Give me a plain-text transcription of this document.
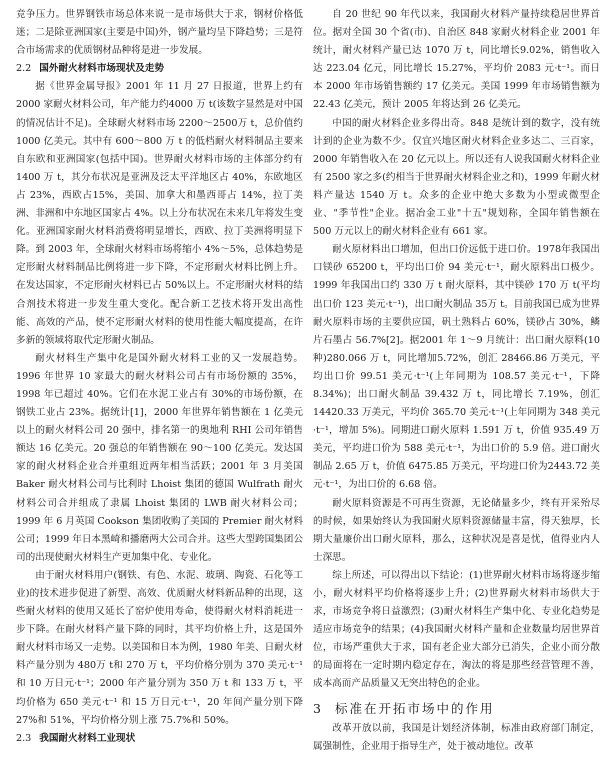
竞争压力。世界钢铁市场总体来说一是市场供大于求，钢材价格低迷；二是除亚洲国家(主要是中国)外，钢产量均呈下降趋势；三是符合市场需求的优质钢材品种将是进一步发展。

2.2 国外耐火材料市场现状及走势

据《世界金属导报》2001 年 11 月 27 日报道，世界上约有 2000 家耐火材料公司，年产能力约4000 万 t(该数字显然是对中国的情况估计不足)。全球耐火材料市场 2200～2500万 t，总价值约 1000 亿美元。其中有 600～800 万 t 的低档耐火材料制品主要来自东欧和亚洲国家(包括中国)。世界耐火材料市场的主体部分约有 1400 万 t，其分布状况是亚洲及泛太平洋地区占 40%，东欧地区占 23%，西欧占15%，美国、加拿大和墨西哥占 14%，拉丁美洲、非洲和中东地区国家占 4%。以上分布状况在未来几年将发生变化。亚洲国家耐火材料消费将明显增长，西欧、拉丁美洲将明显下降。到 2003 年，全球耐火材料市场将缩小 4%～5%，总体趋势是定形耐火材料制品比例将进一步下降，不定形耐火材料比例上升。在发达国家，不定形耐火材料已占 50%以上。不定形耐火材料的结合剂技术将进一步发生重大变化。配合新工艺技术将开发出高性能、高效的产品，使不定形耐火材料的使用性能大幅度提高，在许多新的领域将取代定形耐火制品。

耐火材料生产集中化是国外耐火材料工业的又一发展趋势。1996 年世界 10 家最大的耐火材料公司占有市场份额的 35%，1998 年已超过 40%。它们在水泥工业占有 30%的市场份额，在钢铁工业占 23%。据统计[1]，2000 年世界年销售额在 1 亿美元以上的耐火材料公司 20 强中，排名第一的奥地利 RHI 公司年销售额达 16 亿美元。20 强总的年销售额在 90～100 亿美元。发达国家的耐火材料企业合并重组近两年相当活跃；2001 年 3 月美国 Baker 耐火材料公司与比利时 Lhoist 集团的德国 Wulfrath 耐火材料公司合并组成了隶属 Lhoist 集团的 LWB 耐火材料公司；1999 年 6 月英国 Cookson 集团收购了美国的 Premier 耐火材料公司；1999 年日本黑崎和播磨两大公司合并。这些大型跨国集团公司的出现使耐火材料生产更加集中化、专业化。

由于耐火材料用户(钢铁、有色、水泥、玻璃、陶瓷、石化等工业)的技术进步促进了新型、高效、优质耐火材料新品种的出现，这些耐火材料的使用又延长了窑炉使用寿命，使得耐火材料消耗进一步下降。在耐火材料产量下降的同时，其平均价格上升，这是国外耐火材料市场又一走势。以美国和日本为例，1980 年美、日耐火材料产量分别为 480万 t和 270 万 t，平均价格分别为 370 美元·t⁻¹ 和 10 万日元·t⁻¹；2000 年产量分别为 350 万 t 和 133 万 t，平均价格为 650 美元·t⁻¹ 和 15 万日元·t⁻¹，20 年间产量分别下降 27%和 51%，平均价格分别上涨 75.7%和 50%。

2.3 我国耐火材料工业现状

自 20 世纪 90 年代以来，我国耐火材料产量持续稳居世界首位。据对全国 30 个省(市)、自治区 848 家耐火材料企业 2001 年统计，耐火材料产量已达 1070 万 t，同比增长9.02%，销售收入达 223.04 亿元，同比增长 15.27%，平均价 2083 元·t⁻¹。而日本 2000 年市场销售额约 17 亿美元。美国 1999 年市场销售额为 22.43 亿美元，预计 2005 年将达到 26 亿美元。

中国的耐火材料企业多得出奇。848 是统计到的数字，没有统计到的企业为数不少。仅宜兴地区耐火材料企业多达二、三百家，2000 年销售收入在 20 亿元以上。所以还有人说我国耐火材料企业有 2500 家之多(约相当于世界耐火材料企业之和)，1999 年耐火材料产量达 1540 万 t。众多的企业中绝大多数为小型或微型企业、"季节性"企业。据冶金工业"十五"规划称，全国年销售额在 500 万元以上的耐火材料企业有 661 家。

耐火原材料出口增加，但出口价远低于进口价。1978年我国出口镁砂 65200 t，平均出口价 94 美元·t⁻¹，耐火原料出口极少。1999 年我国出口约 330 万 t 耐火原料，其中镁砂 170 万 t(平均出口价 123 美元·t⁻¹)，出口耐火制品 35万 t。目前我国已成为世界耐火原料市场的主要供应国，矾土熟料占 60%，镁砂占 30%，鳞片石墨占 56.7%[2]。据2001 年 1～9 月统计：出口耐火原料(10 种)280.066 万 t，同比增加5.72%，创汇 28466.86 万美元，平均出口价 99.51 美元·t⁻¹(上年同期为 108.57 美元·t⁻¹，下降 8.34%)；出口耐火制品 39.432 万 t，同比增长 7.19%，创汇14420.33 万美元，平均价 365.70 美元·t⁻¹(上年同期为 348 美元·t⁻¹，增加 5%)。同期进口耐火原料 1.591 万 t，价值 935.49 万美元，平均进口价为 588 美元·t⁻¹，为出口价的 5.9 倍。进口耐火制品 2.65 万 t，价值 6475.85 万美元，平均进口价为2443.72 美元·t⁻¹，为出口价的 6.68 倍。

耐火原料资源是不可再生资源，无论储量多少，终有开采殆尽的时候，如果始终认为我国耐火原料资源储量丰富，得天独厚，长期大量廉价出口耐火原料，那么，这种状况是喜是忧，值得业内人士深思。

综上所述，可以得出以下结论：(1)世界耐火材料市场将逐步缩小，耐火材料平均价格将逐步上升；(2)世界耐火材料市场供大于求，市场竞争将日益激烈；(3)耐火材料生产集中化、专业化趋势是适应市场竞争的结果；(4)我国耐火材料产量和企业数量均居世界首位，市场严重供大于求，国有老企业大部分已消失，企业小而分散的局面将在一定时期内稳定存在，淘汰的将是那些经营管理不善，成本高而产品质量又无突出特色的企业。

3 标准在开拓市场中的作用

改革开放以前，我国是计划经济体制，标准由政府部门制定，属强制性，企业用于指导生产，处于被动地位。改革
